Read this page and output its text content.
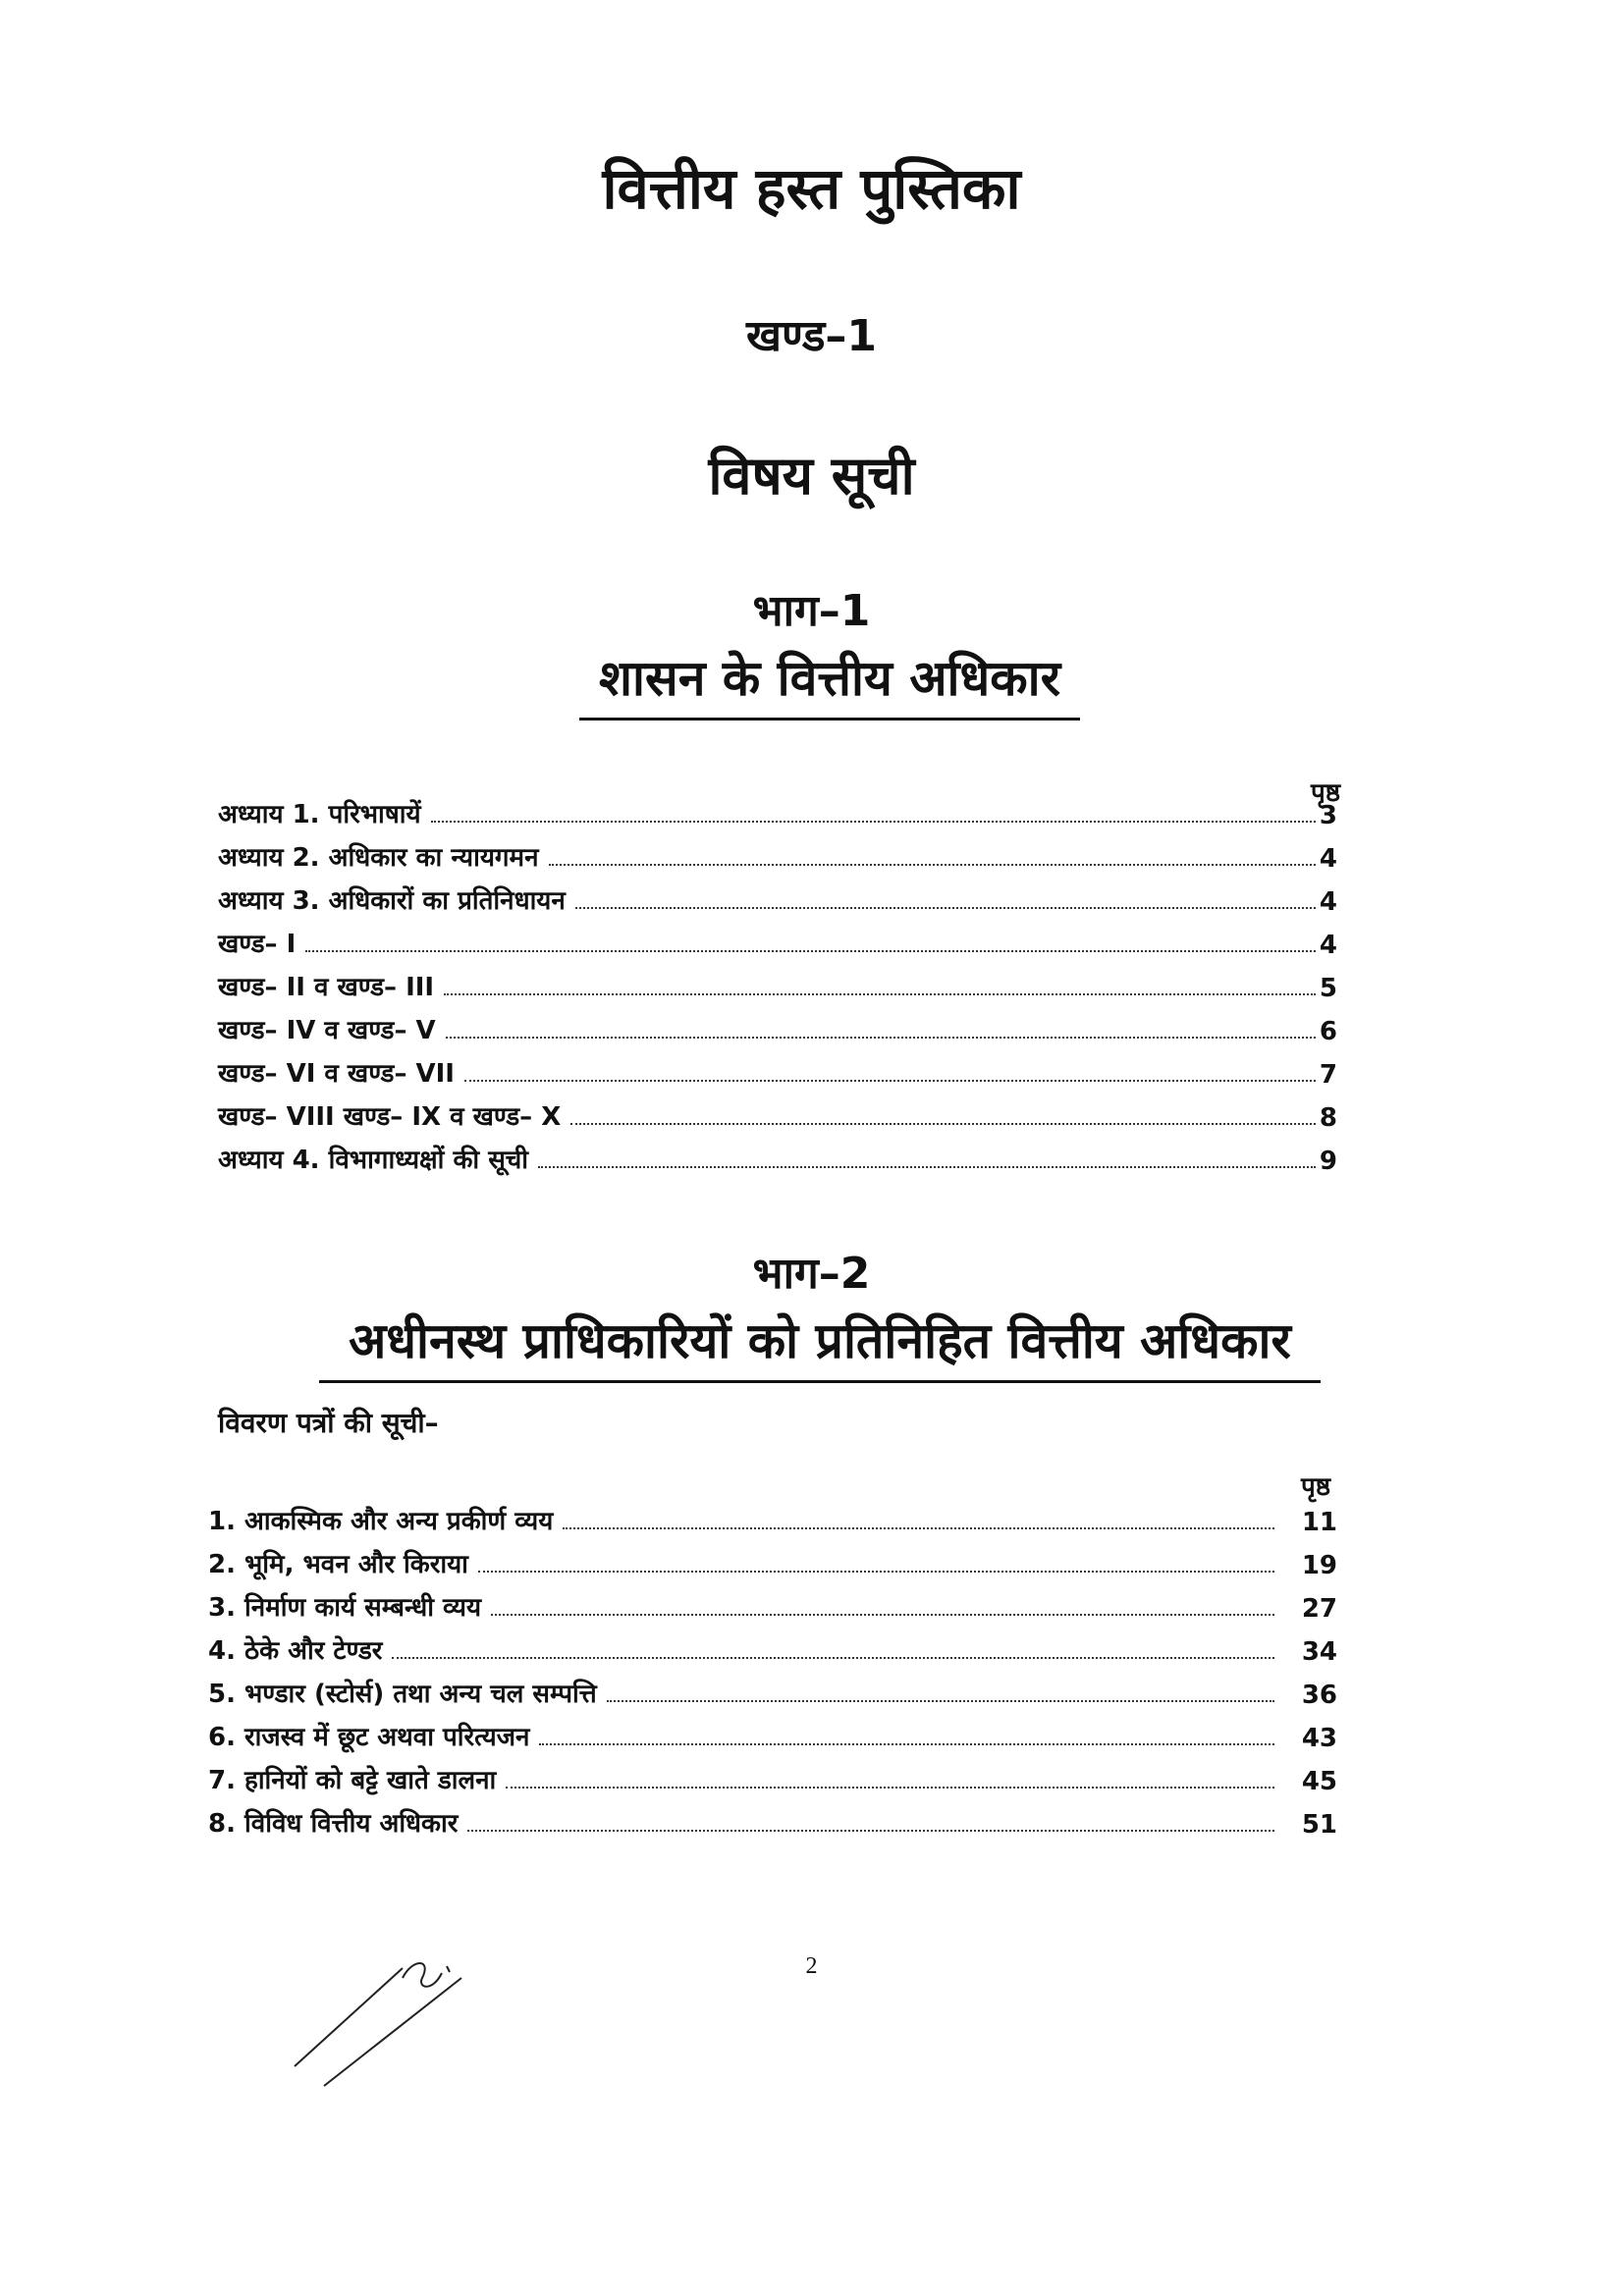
वित्तीय हस्त पुस्तिका
खण्ड–1
विषय सूची
भाग–1
शासन के वित्तीय अधिकार
पृष्ठ
अध्याय 1. परिभाषायें	3
अध्याय 2. अधिकार का न्यायगमन	4
अध्याय 3. अधिकारों का प्रतिनिधायन	4
खण्ड– I	4
खण्ड– II व खण्ड– III	5
खण्ड– IV व खण्ड– V	6
खण्ड– VI व खण्ड– VII	7
खण्ड– VIII खण्ड– IX व खण्ड– X	8
अध्याय 4. विभागाध्यक्षों की सूची	9
भाग–2
अधीनस्थ प्राधिकारियों को प्रतिनिहित वित्तीय अधिकार
विवरण पत्रों की सूची–
पृष्ठ
1. आकस्मिक और अन्य प्रकीर्ण व्यय	11
2. भूमि, भवन और किराया	19
3. निर्माण कार्य सम्बन्धी व्यय	27
4. ठेके और टेण्डर	34
5. भण्डार (स्टोर्स) तथा अन्य चल सम्पत्ति	36
6. राजस्व में छूट अथवा परित्यजन	43
7. हानियों को बट्टे खाते डालना	45
8. विविध वित्तीय अधिकार	51
2
